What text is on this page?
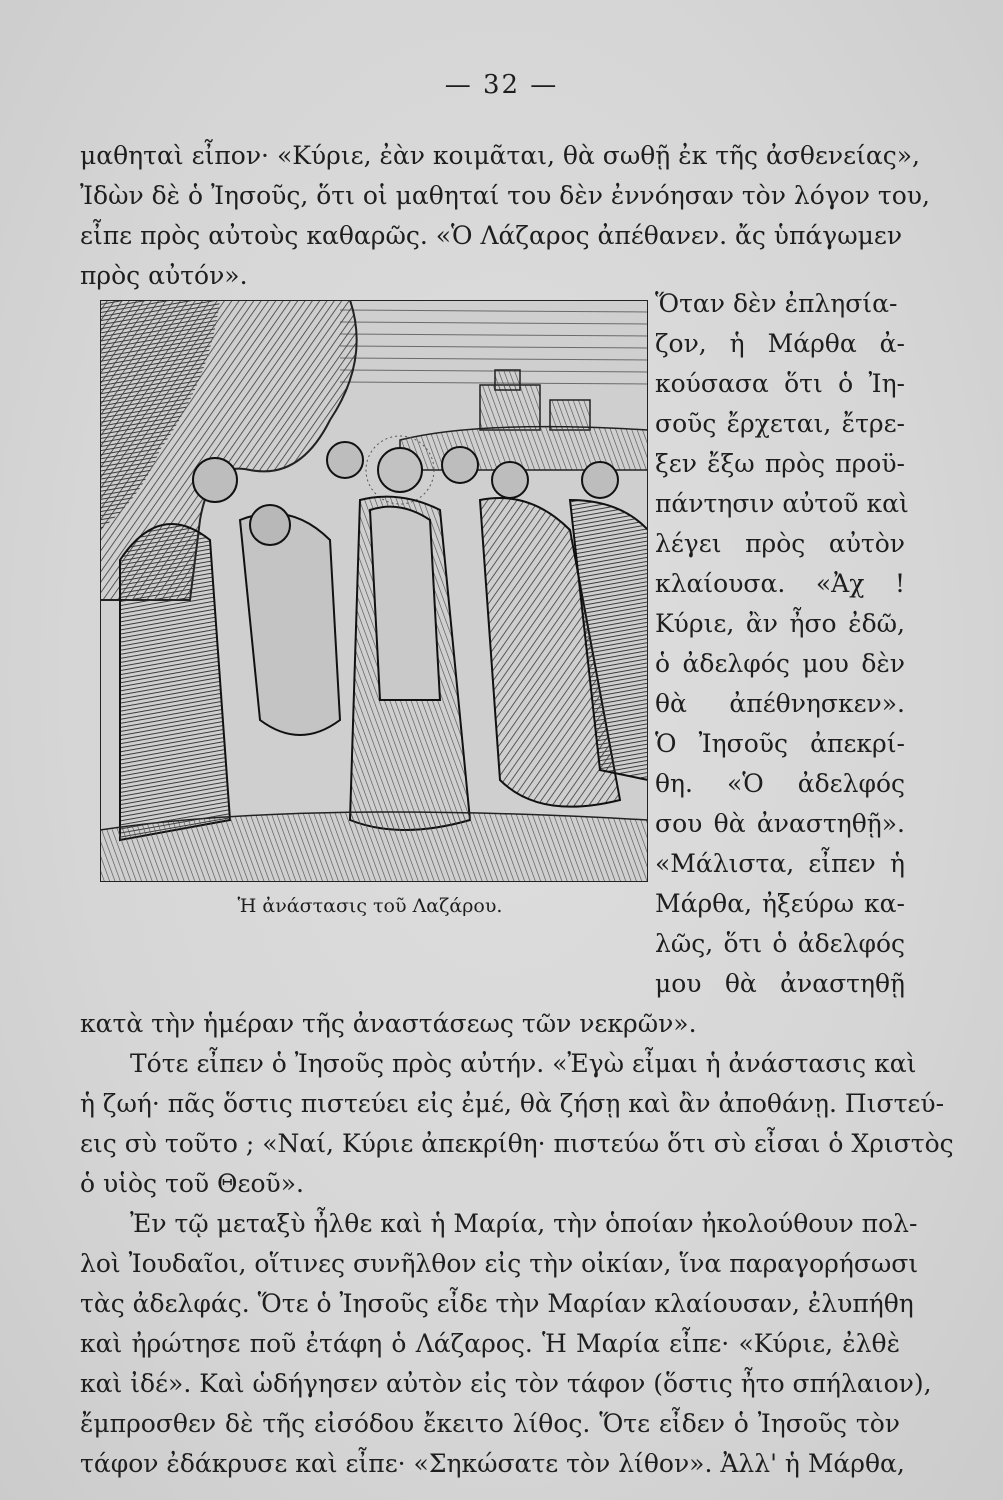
— 32 —
μαθηταὶ εἶπον· «Κύριε, ἐὰν κοιμᾶται, θὰ σωθῇ ἐκ τῆς ἀσθενείας»,
Ἰδὼν δὲ ὁ Ἰησοῦς, ὅτι οἱ μαθηταί του δὲν ἐννόησαν τὸν λόγον του,
εἶπε πρὸς αὐτοὺς καθαρῶς. «Ὁ Λάζαρος ἀπέθανεν. ἄς ὑπάγωμεν
πρὸς αὐτόν».
Ὅταν δὲν ἐπλησία-
ζον, ἡ Μάρθα ἀ-
κούσασα ὅτι ὁ Ἰη-
σοῦς ἔρχεται, ἔτρε-
ξεν ἔξω πρὸς προϋ-
πάντησιν αὐτοῦ καὶ
λέγει πρὸς αὐτὸν
κλαίουσα. «Ἀχ !
Κύριε, ἂν ἦσο ἐδῶ,
ὁ ἀδελφός μου δὲν
θὰ ἀπέθνησκεν».
Ὁ Ἰησοῦς ἀπεκρί-
θη. «Ὁ ἀδελφός
σου θὰ ἀναστηθῇ».
«Μάλιστα, εἶπεν ἡ
Μάρθα, ἠξεύρω κα-
λῶς, ὅτι ὁ ἀδελφός
μου θὰ ἀναστηθῇ
Ἡ ἀνάστασις τοῦ Λαζάρου.
κατὰ τὴν ἡμέραν τῆς ἀναστάσεως τῶν νεκρῶν».
Τότε εἶπεν ὁ Ἰησοῦς πρὸς αὐτήν. «Ἐγὼ εἶμαι ἡ ἀνάστασις καὶ
ἡ ζωή· πᾶς ὅστις πιστεύει εἰς ἐμέ, θὰ ζήσῃ καὶ ἂν ἀποθάνῃ. Πιστεύ-
εις σὺ τοῦτο ; «Ναί, Κύριε ἀπεκρίθη· πιστεύω ὅτι σὺ εἶσαι ὁ Χριστὸς
ὁ υἱὸς τοῦ Θεοῦ».
Ἐν τῷ μεταξὺ ἦλθε καὶ ἡ Μαρία, τὴν ὁποίαν ἠκολούθουν πολ-
λοὶ Ἰουδαῖοι, οἵτινες συνῆλθον εἰς τὴν οἰκίαν, ἵνα παραγορήσωσι
τὰς ἀδελφάς. Ὅτε ὁ Ἰησοῦς εἶδε τὴν Μαρίαν κλαίουσαν, ἐλυπήθη
καὶ ἠρώτησε ποῦ ἐτάφη ὁ Λάζαρος. Ἡ Μαρία εἶπε· «Κύριε, ἐλθὲ
καὶ ἰδέ». Καὶ ὡδήγησεν αὐτὸν εἰς τὸν τάφον (ὅστις ἦτο σπήλαιον),
ἔμπροσθεν δὲ τῆς εἰσόδου ἔκειτο λίθος. Ὅτε εἶδεν ὁ Ἰησοῦς τὸν
τάφον ἐδάκρυσε καὶ εἶπε· «Σηκώσατε τὸν λίθον». Ἀλλ' ἡ Μάρθα,
